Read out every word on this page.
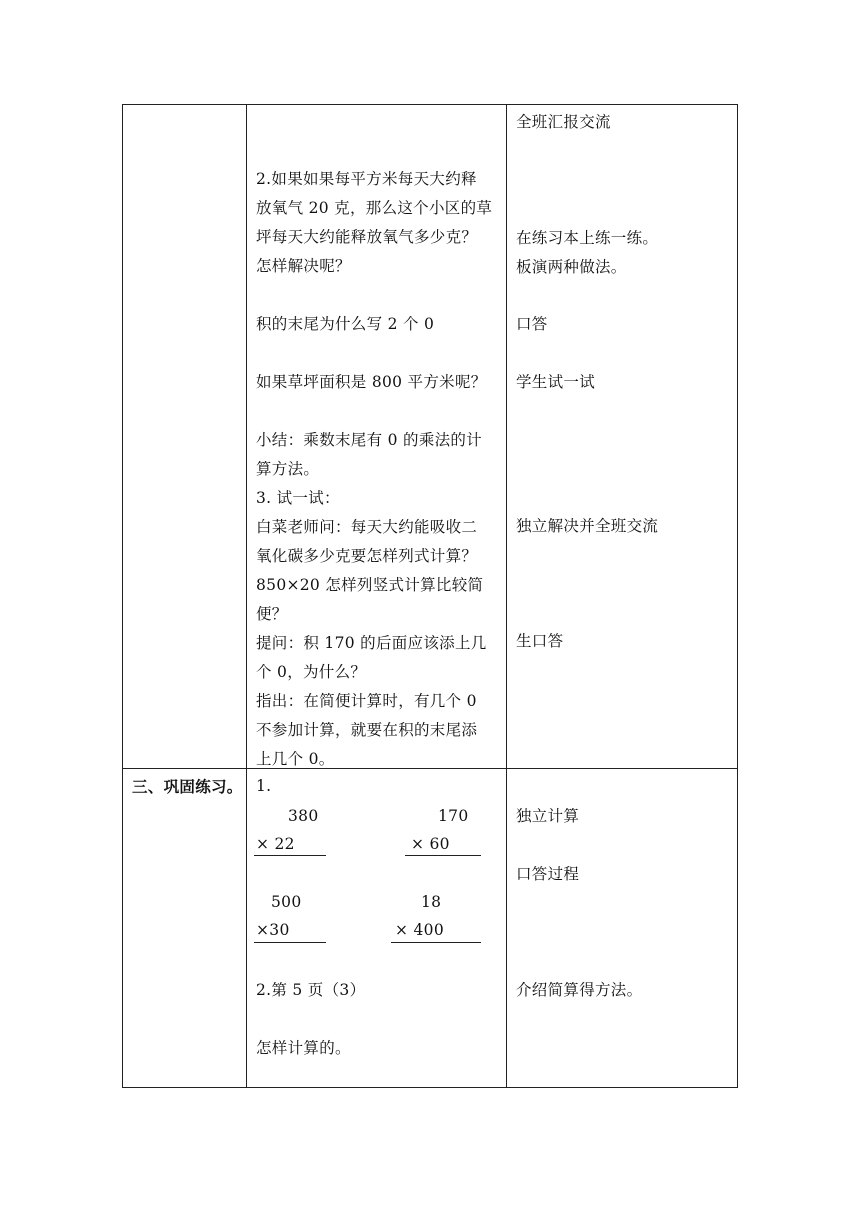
2.如果如果每平方米每天大约释
放氧气 20 克，那么这个小区的草
坪每天大约能释放氧气多少克？
怎样解决呢？
积的末尾为什么写 2 个 0
如果草坪面积是 800 平方米呢？
小结：乘数末尾有 0 的乘法的计
算方法。
3. 试一试：
白菜老师问：每天大约能吸收二
氧化碳多少克要怎样列式计算？
850×20 怎样列竖式计算比较简
便？
提问：积 170 的后面应该添上几
个 0，为什么？
指出：在简便计算时，有几个 0
不参加计算，就要在积的末尾添
上几个 0。
全班汇报交流
在练习本上练一练。
板演两种做法。
口答
学生试一试
独立解决并全班交流
生口答
三、巩固练习。 1.
380
× 22
170
× 60
500
×30
18
× 400
2.第 5 页（3）
怎样计算的。
独立计算
口答过程
介绍简算得方法。
